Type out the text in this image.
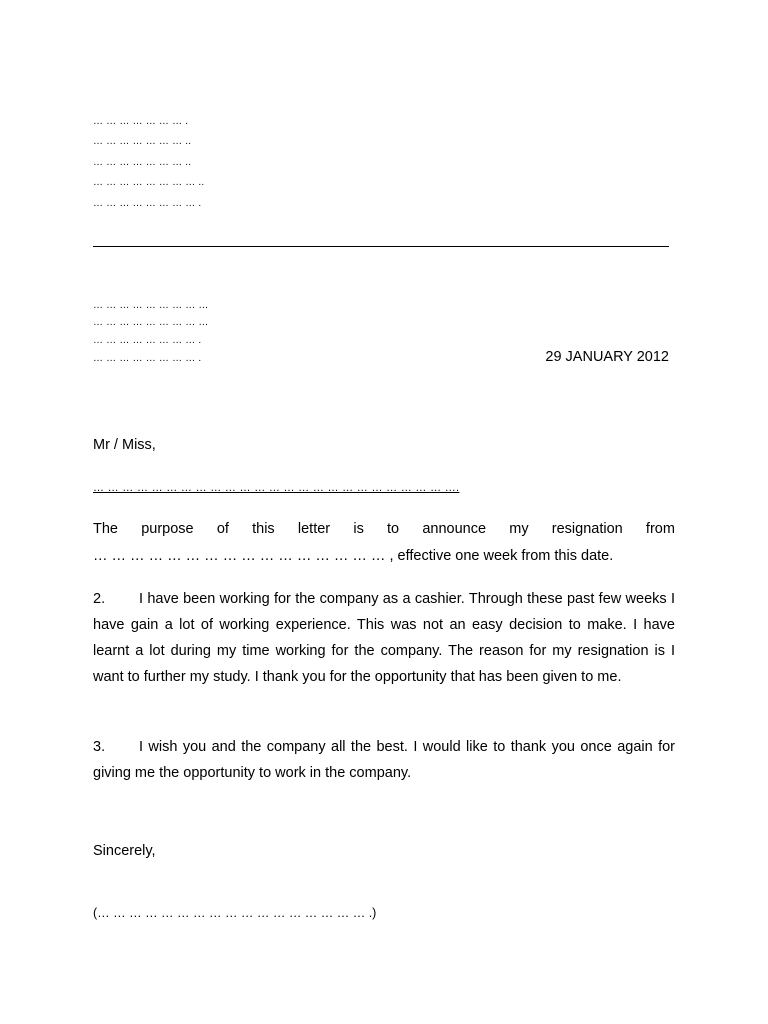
… … … … … … … .
… … … … … … … ..
… … … … … … … ..
… … … … … … … … ..
… … … … … … … … .
… … … … … … … … …
… … … … … … … … …
… … … … … … … … .
… … … … … … … … .	29 JANUARY 2012
Mr / Miss,
… … … … … … … … … … … … … … … … … … … … … … … … ….
The purpose of this letter is to announce my resignation from
… … … … … … … … … … … … … … … … , effective one week from this date.
2. I have been working for the company as a cashier. Through these past few weeks I have gain a lot of working experience. This was not an easy decision to make. I have learnt a lot during my time working for the company. The reason for my resignation is I want to further my study. I thank you for the opportunity that has been given to me.
3. I wish you and the company all the best. I would like to thank you once again for giving me the opportunity to work in the company.
Sincerely,
(… … … … … … … … … … … … … … … … … .)
